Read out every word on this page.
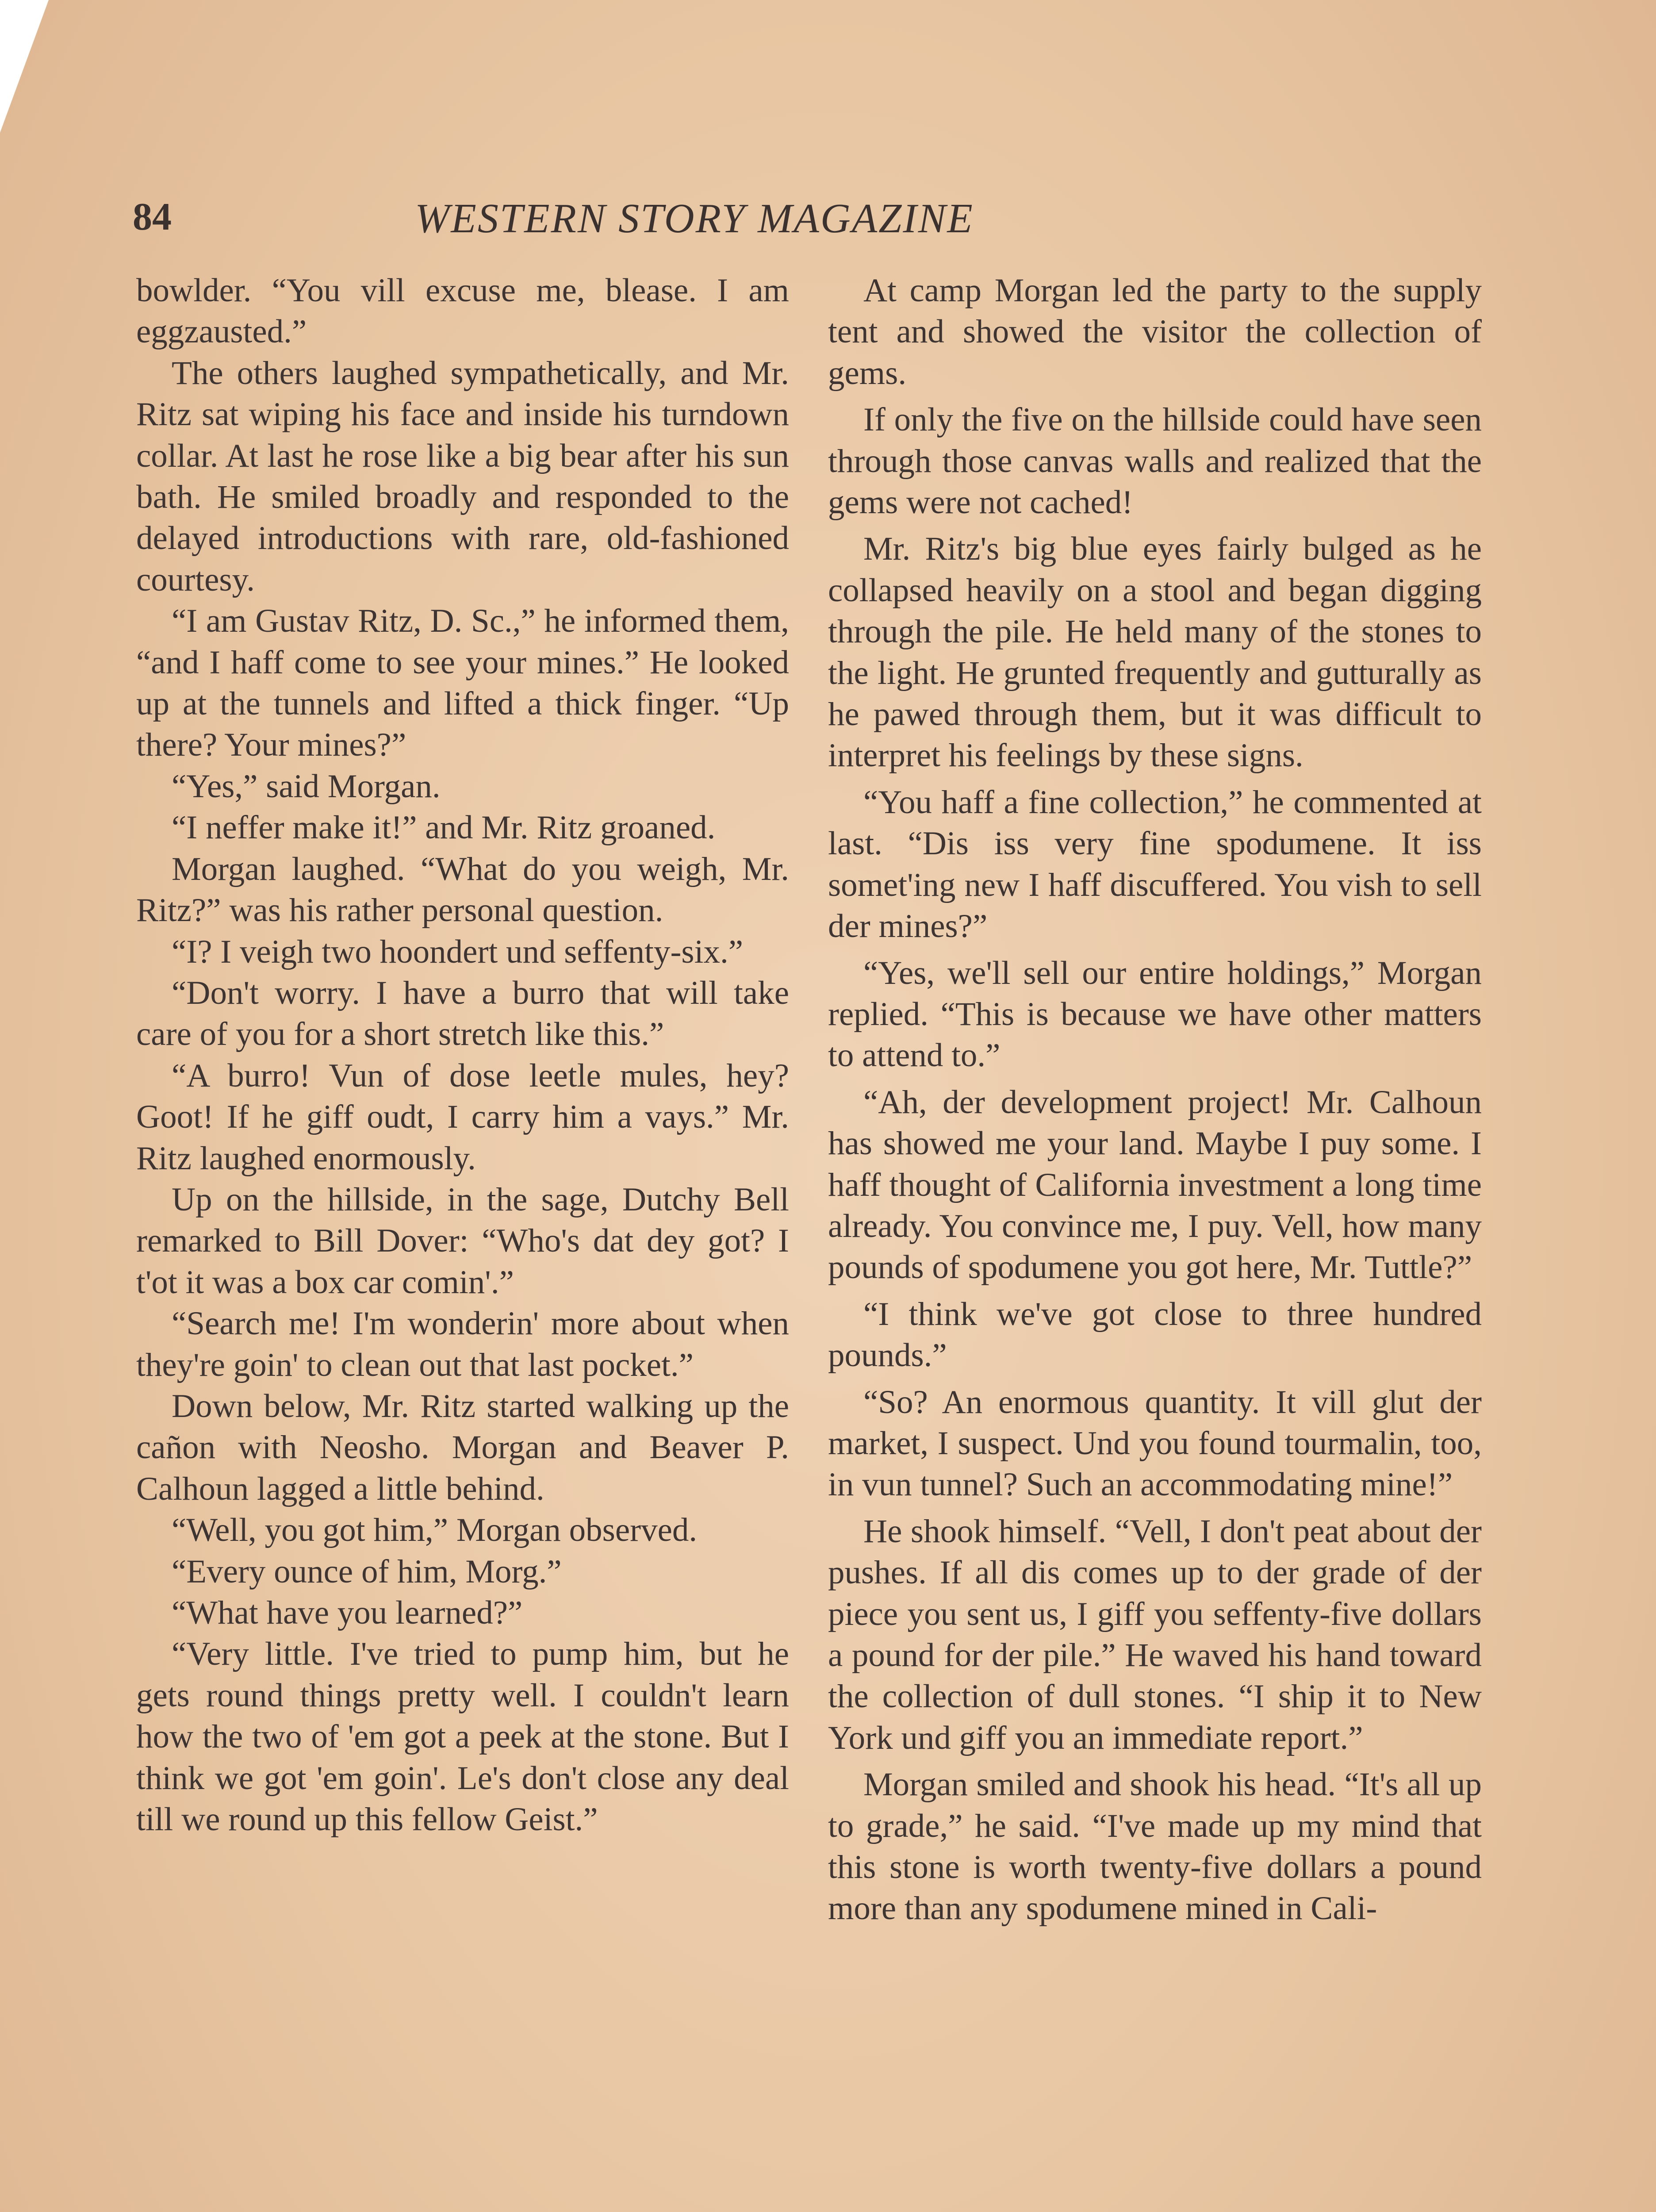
84	WESTERN STORY MAGAZINE

bowlder. “You vill excuse me, blease. I am eggzausted.”

The others laughed sympathetically, and Mr. Ritz sat wiping his face and inside his turndown collar. At last he rose like a big bear after his sun bath. He smiled broadly and responded to the delayed introductions with rare, old-fashioned courtesy.

“I am Gustav Ritz, D. Sc.,” he informed them, “and I haff come to see your mines.” He looked up at the tunnels and lifted a thick finger. “Up there? Your mines?”

“Yes,” said Morgan.

“I neffer make it!” and Mr. Ritz groaned.

Morgan laughed. “What do you weigh, Mr. Ritz?” was his rather personal question.

“I? I veigh two hoondert und seffenty-six.”

“Don't worry. I have a burro that will take care of you for a short stretch like this.”

“A burro! Vun of dose leetle mules, hey? Goot! If he giff oudt, I carry him a vays.” Mr. Ritz laughed enormously.

Up on the hillside, in the sage, Dutchy Bell remarked to Bill Dover: “Who's dat dey got? I t'ot it was a box car comin'.”

“Search me! I'm wonderin' more about when they're goin' to clean out that last pocket.”

Down below, Mr. Ritz started walking up the cañon with Neosho. Morgan and Beaver P. Calhoun lagged a little behind.

“Well, you got him,” Morgan observed.

“Every ounce of him, Morg.”

“What have you learned?”

“Very little. I've tried to pump him, but he gets round things pretty well. I couldn't learn how the two of 'em got a peek at the stone. But I think we got 'em goin'. Le's don't close any deal till we round up this fellow Geist.”

At camp Morgan led the party to the supply tent and showed the visitor the collection of gems.

If only the five on the hillside could have seen through those canvas walls and realized that the gems were not cached!

Mr. Ritz's big blue eyes fairly bulged as he collapsed heavily on a stool and began digging through the pile. He held many of the stones to the light. He grunted frequently and gutturally as he pawed through them, but it was difficult to interpret his feelings by these signs.

“You haff a fine collection,” he commented at last. “Dis iss very fine spodumene. It iss somet'ing new I haff discuffered. You vish to sell der mines?”

“Yes, we'll sell our entire holdings,” Morgan replied. “This is because we have other matters to attend to.”

“Ah, der development project! Mr. Calhoun has showed me your land. Maybe I puy some. I haff thought of California investment a long time already. You convince me, I puy. Vell, how many pounds of spodumene you got here, Mr. Tuttle?”

“I think we've got close to three hundred pounds.”

“So? An enormous quantity. It vill glut der market, I suspect. Und you found tourmalin, too, in vun tunnel? Such an accommodating mine!”

He shook himself. “Vell, I don't peat about der pushes. If all dis comes up to der grade of der piece you sent us, I giff you seffenty-five dollars a pound for der pile.” He waved his hand toward the collection of dull stones. “I ship it to New York und giff you an immediate report.”

Morgan smiled and shook his head. “It's all up to grade,” he said. “I've made up my mind that this stone is worth twenty-five dollars a pound more than any spodumene mined in Cali-
